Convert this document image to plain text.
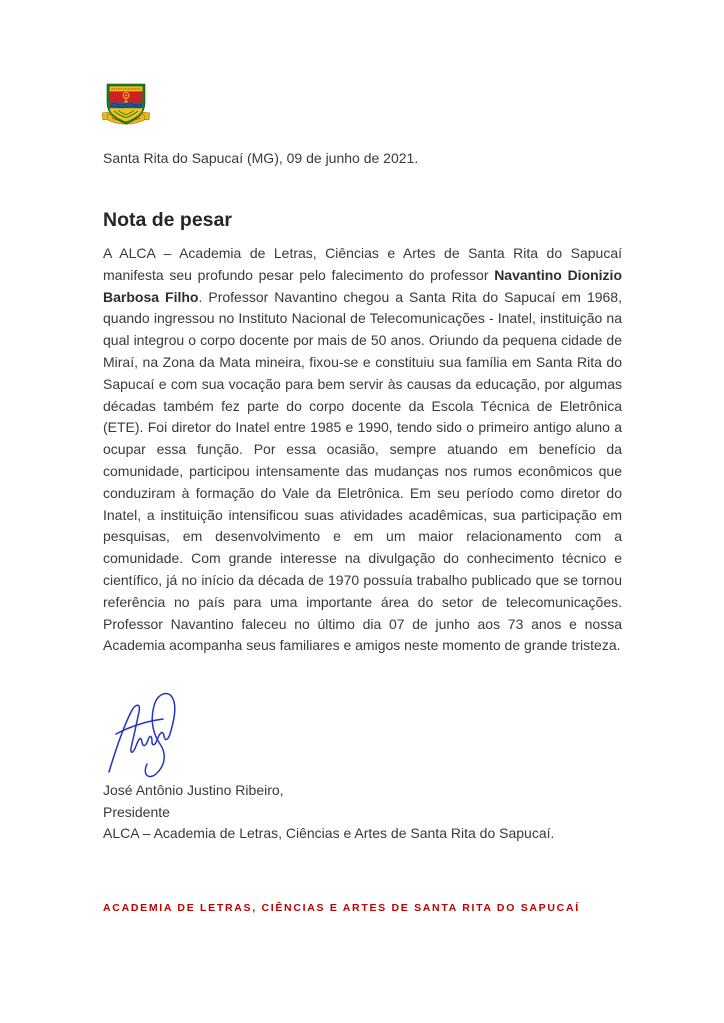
Santa Rita do Sapucaí (MG), 09 de junho de 2021.

Nota de pesar

A ALCA – Academia de Letras, Ciências e Artes de Santa Rita do Sapucaí manifesta seu profundo pesar pelo falecimento do professor Navantino Dionizio Barbosa Filho. Professor Navantino chegou a Santa Rita do Sapucaí em 1968, quando ingressou no Instituto Nacional de Telecomunicações - Inatel, instituição na qual integrou o corpo docente por mais de 50 anos. Oriundo da pequena cidade de Miraí, na Zona da Mata mineira, fixou-se e constituiu sua família em Santa Rita do Sapucaí e com sua vocação para bem servir às causas da educação, por algumas décadas também fez parte do corpo docente da Escola Técnica de Eletrônica (ETE). Foi diretor do Inatel entre 1985 e 1990, tendo sido o primeiro antigo aluno a ocupar essa função. Por essa ocasião, sempre atuando em benefício da comunidade, participou intensamente das mudanças nos rumos econômicos que conduziram à formação do Vale da Eletrônica. Em seu período como diretor do Inatel, a instituição intensificou suas atividades acadêmicas, sua participação em pesquisas, em desenvolvimento e em um maior relacionamento com a comunidade. Com grande interesse na divulgação do conhecimento técnico e científico, já no início da década de 1970 possuía trabalho publicado que se tornou referência no país para uma importante área do setor de telecomunicações. Professor Navantino faleceu no último dia 07 de junho aos 73 anos e nossa Academia acompanha seus familiares e amigos neste momento de grande tristeza.

José Antônio Justino Ribeiro,

Presidente

ALCA – Academia de Letras, Ciências e Artes de Santa Rita do Sapucaí.

ACADEMIA DE LETRAS, CIÊNCIAS E ARTES DE SANTA RITA DO SAPUCAÍ
